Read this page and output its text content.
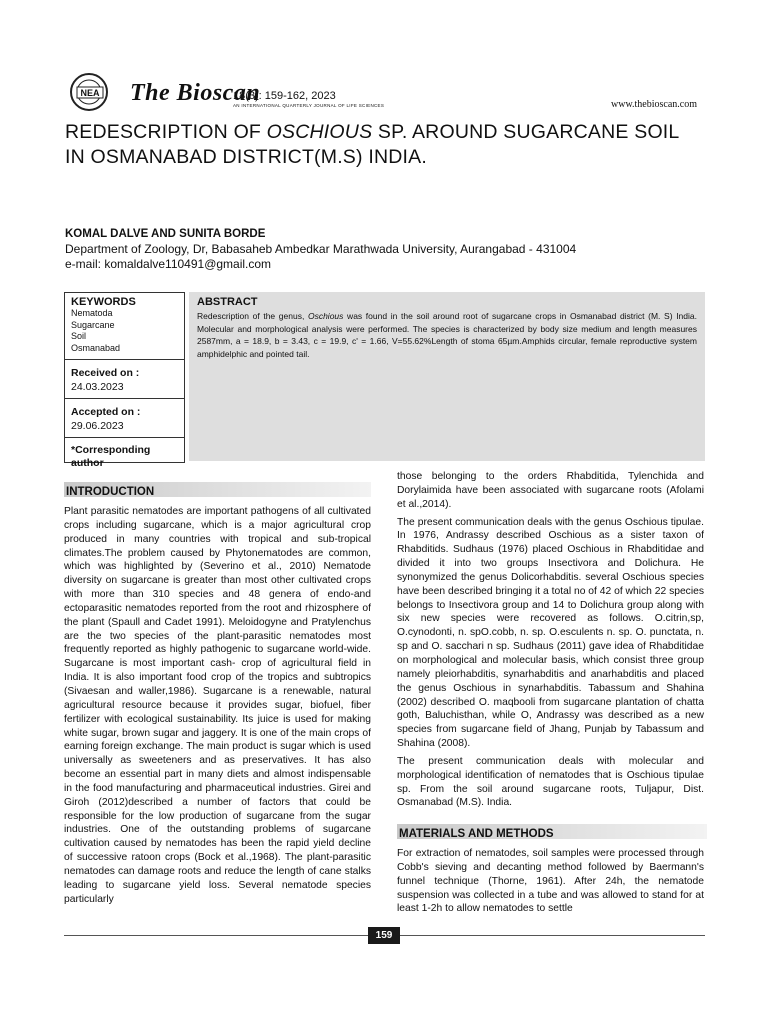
NEA The Bioscan
18(3): 159-162, 2023
AN INTERNATIONAL QUARTERLY JOURNAL OF LIFE SCIENCES	www.thebioscan.com
REDESCRIPTION OF OSCHIOUS SP. AROUND SUGARCANE SOIL
IN OSMANABAD DISTRICT(M.S) INDIA.
KOMAL DALVE AND SUNITA BORDE
Department of Zoology, Dr, Babasaheb Ambedkar Marathwada University, Aurangabad - 431004
e-mail: komaldalve110491@gmail.com
KEYWORDS
Nematoda
Sugarcane
Soil
Osmanabad
Received on :
24.03.2023
Accepted on :
29.06.2023
*Corresponding author
ABSTRACT
Redescription of the genus, Oschious was found in the soil around root of sugarcane crops in Osmanabad district (M. S) India. Molecular and morphological analysis were performed. The species is characterized by body size medium and length measures 2587mm, a = 18.9, b = 3.43, c = 19.9, c' = 1.66, V=55.62%Length of stoma 65µm.Amphids circular, female reproductive system amphidelphic and pointed tail.
INTRODUCTION

Plant parasitic nematodes are important pathogens of all cultivated crops including sugarcane, which is a major agricultural crop produced in many countries with tropical and sub-tropical climates.The problem caused by Phytonematodes are common, which was highlighted by (Severino et al., 2010) Nematode diversity on sugarcane is greater than most other cultivated crops with more than 310 species and 48 genera of endo-and ectoparasitic nematodes reported from the root and rhizosphere of the plant (Spaull and Cadet 1991). Meloidogyne and Pratylenchus are the two species of the plant-parasitic nematodes most frequently reported as highly pathogenic to sugarcane world-wide. Sugarcane is most important cash- crop of agricultural field in India. It is also important food crop of the tropics and subtropics (Sivaesan and waller,1986). Sugarcane is a renewable, natural agricultural resource because it provides sugar, biofuel, fiber fertilizer with ecological sustainability. Its juice is used for making white sugar, brown sugar and jaggery. It is one of the main crops of earning foreign exchange. The main product is sugar which is used universally as sweeteners and as preservatives. It has also become an essential part in many diets and almost indispensable in the food manufacturing and pharmaceutical industries. Girei and Giroh (2012)described a number of factors that could be responsible for the low production of sugarcane from the sugar industries. One of the outstanding problems of sugarcane cultivation caused by nematodes has been the rapid yield decline of successive ratoon crops (Bock et al.,1968). The plant-parasitic nematodes can damage roots and reduce the length of cane stalks leading to sugarcane yield loss. Several nematode species particularly

those belonging to the orders Rhabditida, Tylenchida and Dorylaimida have been associated with sugarcane roots (Afolami et al.,2014).

The present communication deals with the genus Oschious tipulae. In 1976, Andrassy described Oschious as a sister taxon of Rhabditids. Sudhaus (1976) placed Oschious in Rhabditidae and divided it into two groups Insectivora and Dolichura. He synonymized the genus Dolicorhabditis. several Oschious species have been described bringing it a total no of 42 of which 22 species belongs to Insectivora group and 14 to Dolichura group along with six new species were recovered as follows. O.citrin,sp, O.cynodonti, n. spO.cobb, n. sp. O.esculents n. sp. O. punctata, n. sp and O. sacchari n sp. Sudhaus (2011) gave idea of Rhabditidae on morphological and molecular basis, which consist three group namely pleiorhabditis, synarhabditis and anarhabditis and placed the genus Oschious in synarhabditis. Tabassum and Shahina (2002) described O. maqbooli from sugarcane plantation of chatta goth, Baluchisthan, while O, Andrassy was described as a new species from sugarcane field of Jhang, Punjab by Tabassum and Shahina (2008).

The present communication deals with molecular and morphological identification of nematodes that is Oschious tipulae sp. From the soil around sugarcane roots, Tuljapur, Dist. Osmanabad (M.S). India.

MATERIALS AND METHODS

For extraction of nematodes, soil samples were processed through Cobb's sieving and decanting method followed by Baermann's funnel technique (Thorne, 1961). After 24h, the nematode suspension was collected in a tube and was allowed to stand for at least 1-2h to allow nematodes to settle

159
